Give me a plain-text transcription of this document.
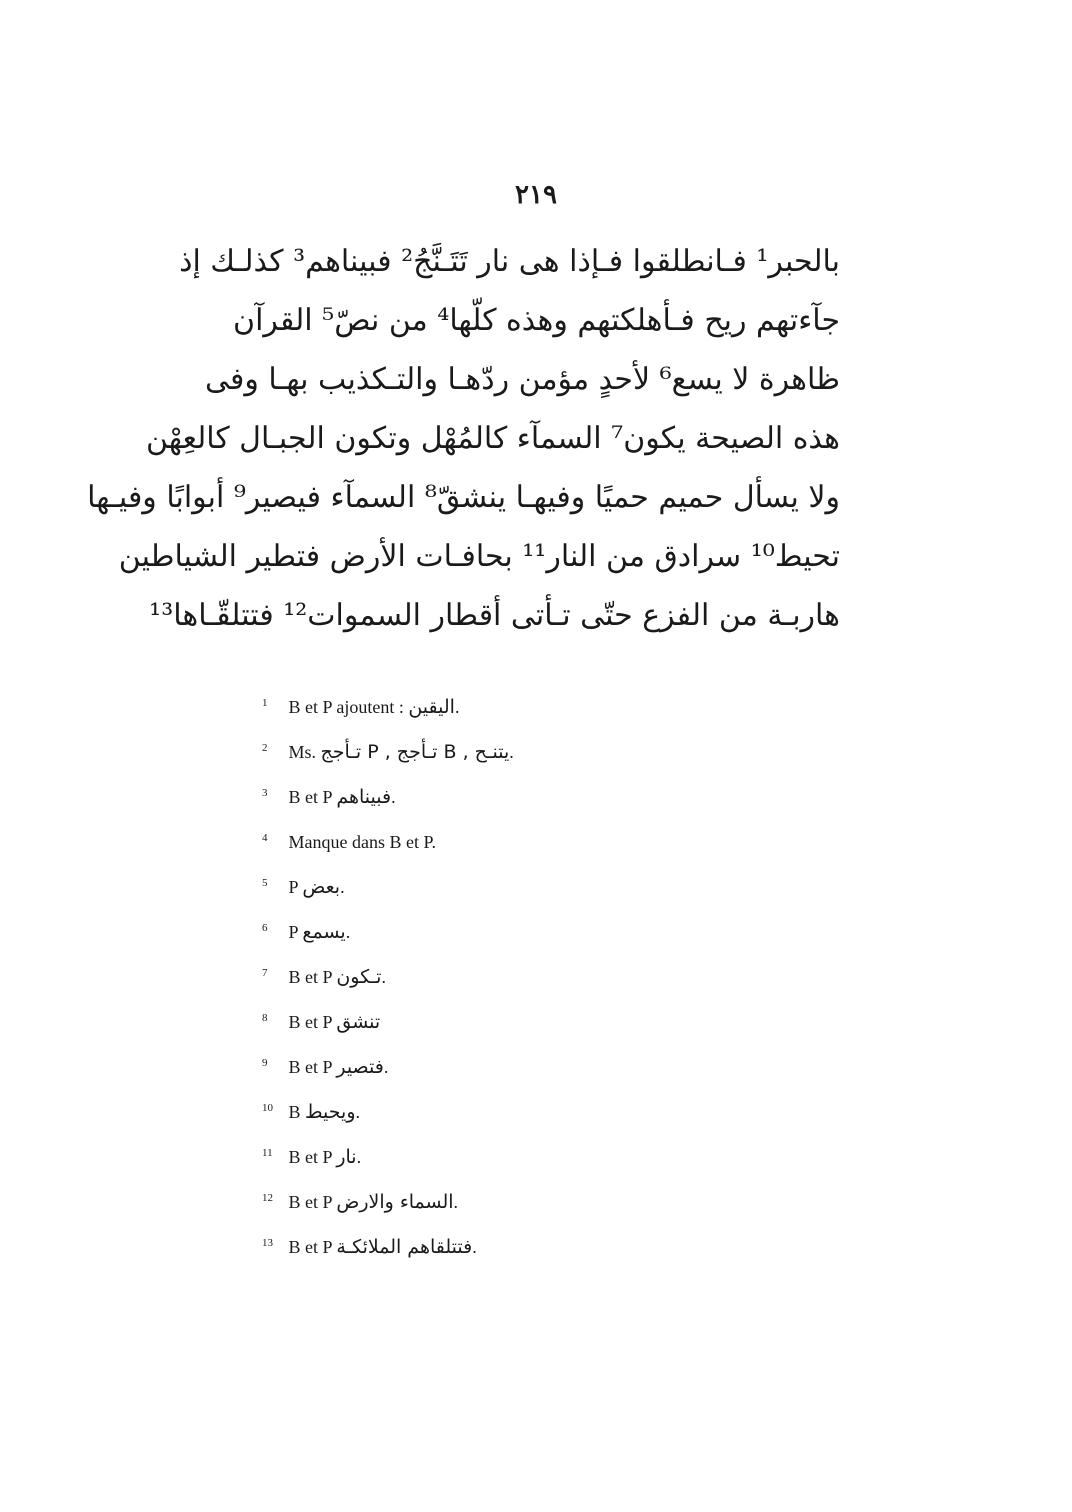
٢١٩
بالحبر¹ فـانطلقوا فـإذا هى نار تَتَـنَّجُ² فبيناهم³ كذلـك إذ
جآءتهم ريح فـأهلكتهم وهذه كلّها⁴ من نصّ⁵ القرآن
ظاهرة لا يسع⁶ لأحدٍ مؤمن ردّهـا والتـكذيب بهـا وفى
هذه الصيحة يكون⁷ السمآء كالمُهْل وتكون الجبـال كالعِهْن
ولا يسأل حميم حميًا وفيهـا ينشقّ⁸ السمآء فيصير⁹ أبوابًا وفيـها
تحيط¹⁰ سرادق من النار¹¹ بحافـات الأرض فتطير الشياطين
هاربـة من الفزع حتّى تـأتى أقطار السموات¹² فتتلقّـاها¹³
1 B et P ajoutent : اليقين.
2 Ms. يتنـح , B تـأجج , P تـأجج.
3 B et P فبيناهم.
4 Manque dans B et P.
5 P بعض.
6 P يسمع.
7 B et P تـكون.
8 B et P تنشق
9 B et P فتصير.
10 B ويحيط.
11 B et P نار.
12 B et P السماء والارض.
13 B et P فتتلقاهم الملائكـة.
